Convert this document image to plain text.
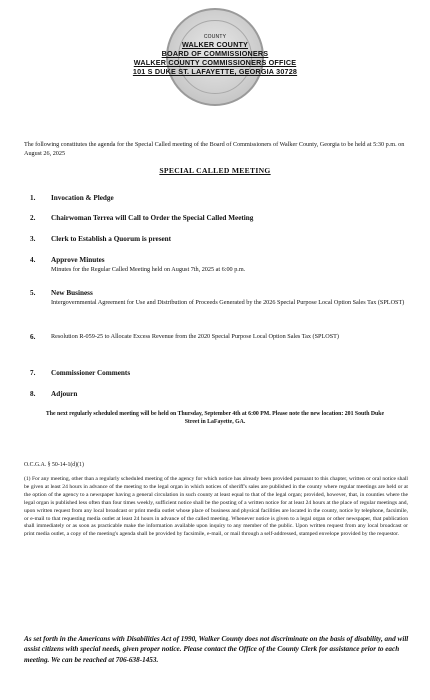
COUNTY
WALKER COUNTY
BOARD OF COMMISSIONERS
WALKER COUNTY COMMISSIONERS OFFICE
101 S DUKE ST. LAFAYETTE, GEORGIA 30728

The following constitutes the agenda for the Special Called meeting of the Board of Commissioners of Walker County, Georgia to be held at 5:30 p.m. on August 26, 2025

SPECIAL CALLED MEETING
1. Invocation & Pledge
2. Chairwoman Terrea will Call to Order the Special Called Meeting
3. Clerk to Establish a Quorum is present
4. Approve Minutes
Minutes for the Regular Called Meeting held on August 7th, 2025 at 6:00 p.m.
5. New Business
Intergovernmental Agreement for Use and Distribution of Proceeds Generated by the 2026 Special Purpose Local Option Sales Tax (SPLOST)
6.	Resolution R-059-25 to Allocate Excess Revenue from the 2020 Special Purpose Local Option Sales Tax (SPLOST)
7. Commissioner Comments
8. Adjourn

The next regularly scheduled meeting will be held on Thursday, September 4th at 6:00 PM. Please note the new location: 201 South Duke Street in LaFayette, GA.

O.C.G.A. § 50-14-1(d)(1)

(1) For any meeting, other than a regularly scheduled meeting of the agency for which notice has already been provided pursuant to this chapter, written or oral notice shall be given at least 24 hours in advance of the meeting to the legal organ in which notices of sheriff's sales are published in the county where regular meetings are held or at the option of the agency to a newspaper having a general circulation in such county at least equal to that of the legal organ; provided, however, that, in counties where the legal organ is published less often than four times weekly, sufficient notice shall be the posting of a written notice for at least 24 hours at the place of regular meetings and, upon written request from any local broadcast or print media outlet whose place of business and physical facilities are located in the county, notice by telephone, facsimile, or e-mail to that requesting media outlet at least 24 hours in advance of the called meeting. Whenever notice is given to a legal organ or other newspaper, that publication shall immediately or as soon as practicable make the information available upon inquiry to any member of the public. Upon written request from any local broadcast or print media outlet, a copy of the meeting's agenda shall be provided by facsimile, e-mail, or mail through a self-addressed, stamped envelope provided by the requestor.

As set forth in the Americans with Disabilities Act of 1990, Walker County does not discriminate on the basis of disability, and will assist citizens with special needs, given proper notice. Please contact the Office of the County Clerk for assistance prior to each meeting. We can be reached at 706-638-1453.
